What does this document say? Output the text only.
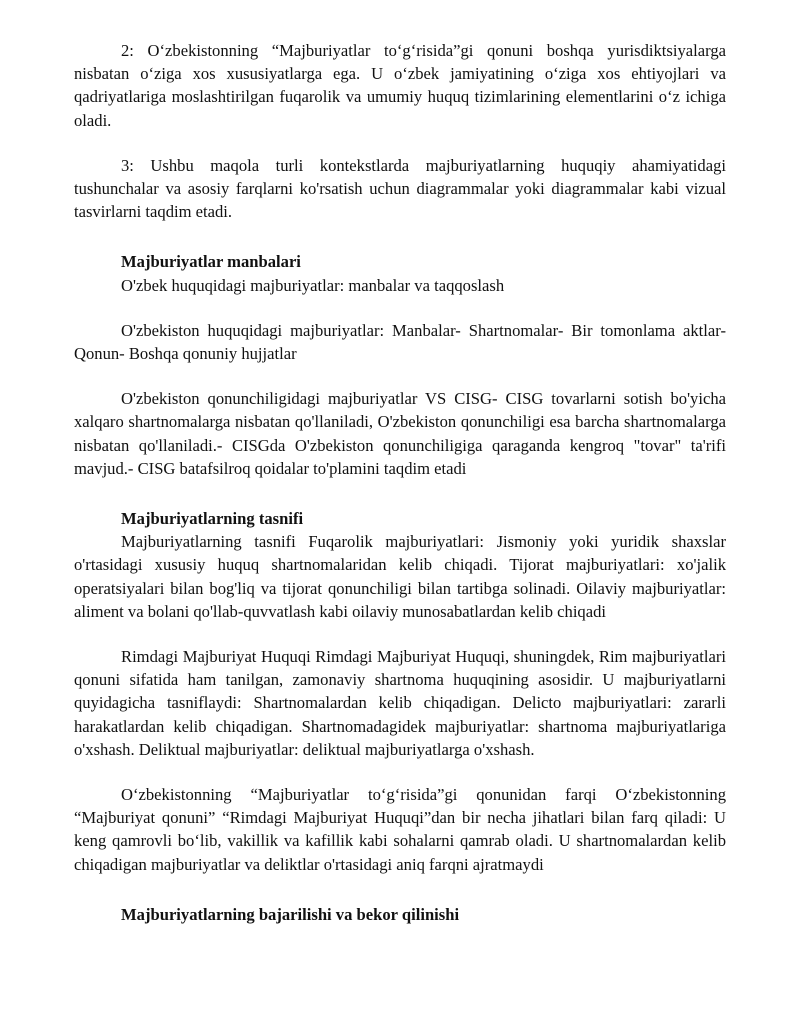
2: O‘zbekistonning “Majburiyatlar to‘g‘risida”gi qonuni boshqa yurisdiktsiyalarga nisbatan o‘ziga xos xususiyatlarga ega. U o‘zbek jamiyatining o‘ziga xos ehtiyojlari va qadriyatlariga moslashtirilgan fuqarolik va umumiy huquq tizimlarining elementlarini o‘z ichiga oladi.

3: Ushbu maqola turli kontekstlarda majburiyatlarning huquqiy ahamiyatidagi tushunchalar va asosiy farqlarni ko'rsatish uchun diagrammalar yoki diagrammalar kabi vizual tasvirlarni taqdim etadi.

Majburiyatlar manbalari

O'zbek huquqidagi majburiyatlar: manbalar va taqqoslash

O'zbekiston huquqidagi majburiyatlar: Manbalar- Shartnomalar- Bir tomonlama aktlar- Qonun- Boshqa qonuniy hujjatlar

O'zbekiston qonunchiligidagi majburiyatlar VS CISG- CISG tovarlarni sotish bo'yicha xalqaro shartnomalarga nisbatan qo'llaniladi, O'zbekiston qonunchiligi esa barcha shartnomalarga nisbatan qo'llaniladi.- CISGda O'zbekiston qonunchiligiga qaraganda kengroq "tovar" ta'rifi mavjud.- CISG batafsilroq qoidalar to'plamini taqdim etadi

Majburiyatlarning tasnifi

Majburiyatlarning tasnifi Fuqarolik majburiyatlari: Jismoniy yoki yuridik shaxslar o'rtasidagi xususiy huquq shartnomalaridan kelib chiqadi. Tijorat majburiyatlari: xo'jalik operatsiyalari bilan bog'liq va tijorat qonunchiligi bilan tartibga solinadi. Oilaviy majburiyatlar: aliment va bolani qo'llab-quvvatlash kabi oilaviy munosabatlardan kelib chiqadi

Rimdagi Majburiyat Huquqi Rimdagi Majburiyat Huquqi, shuningdek, Rim majburiyatlari qonuni sifatida ham tanilgan, zamonaviy shartnoma huquqining asosidir. U majburiyatlarni quyidagicha tasniflaydi: Shartnomalardan kelib chiqadigan. Delicto majburiyatlari: zararli harakatlardan kelib chiqadigan. Shartnomadagidek majburiyatlar: shartnoma majburiyatlariga o'xshash. Deliktual majburiyatlar: deliktual majburiyatlarga o'xshash.

O‘zbekistonning “Majburiyatlar to‘g‘risida”gi qonunidan farqi O‘zbekistonning “Majburiyat qonuni” “Rimdagi Majburiyat Huquqi”dan bir necha jihatlari bilan farq qiladi: U keng qamrovli bo‘lib, vakillik va kafillik kabi sohalarni qamrab oladi. U shartnomalardan kelib chiqadigan majburiyatlar va deliktlar o'rtasidagi aniq farqni ajratmaydi

Majburiyatlarning bajarilishi va bekor qilinishi
